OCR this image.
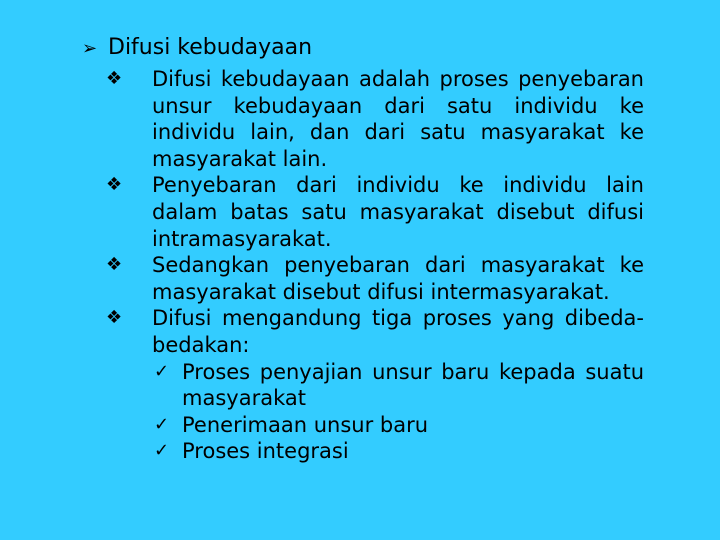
➢ Difusi kebudayaan
❖	Difusi kebudayaan adalah proses penyebaran unsur kebudayaan dari satu individu ke individu lain, dan dari satu masyarakat ke masyarakat lain.
❖	Penyebaran dari individu ke individu lain dalam batas satu masyarakat disebut difusi intramasyarakat.
❖	Sedangkan penyebaran dari masyarakat ke masyarakat disebut difusi intermasyarakat.
❖	Difusi mengandung tiga proses yang dibeda-bedakan:
✓ Proses penyajian unsur baru kepada suatu masyarakat
✓ Penerimaan unsur baru
✓ Proses integrasi
